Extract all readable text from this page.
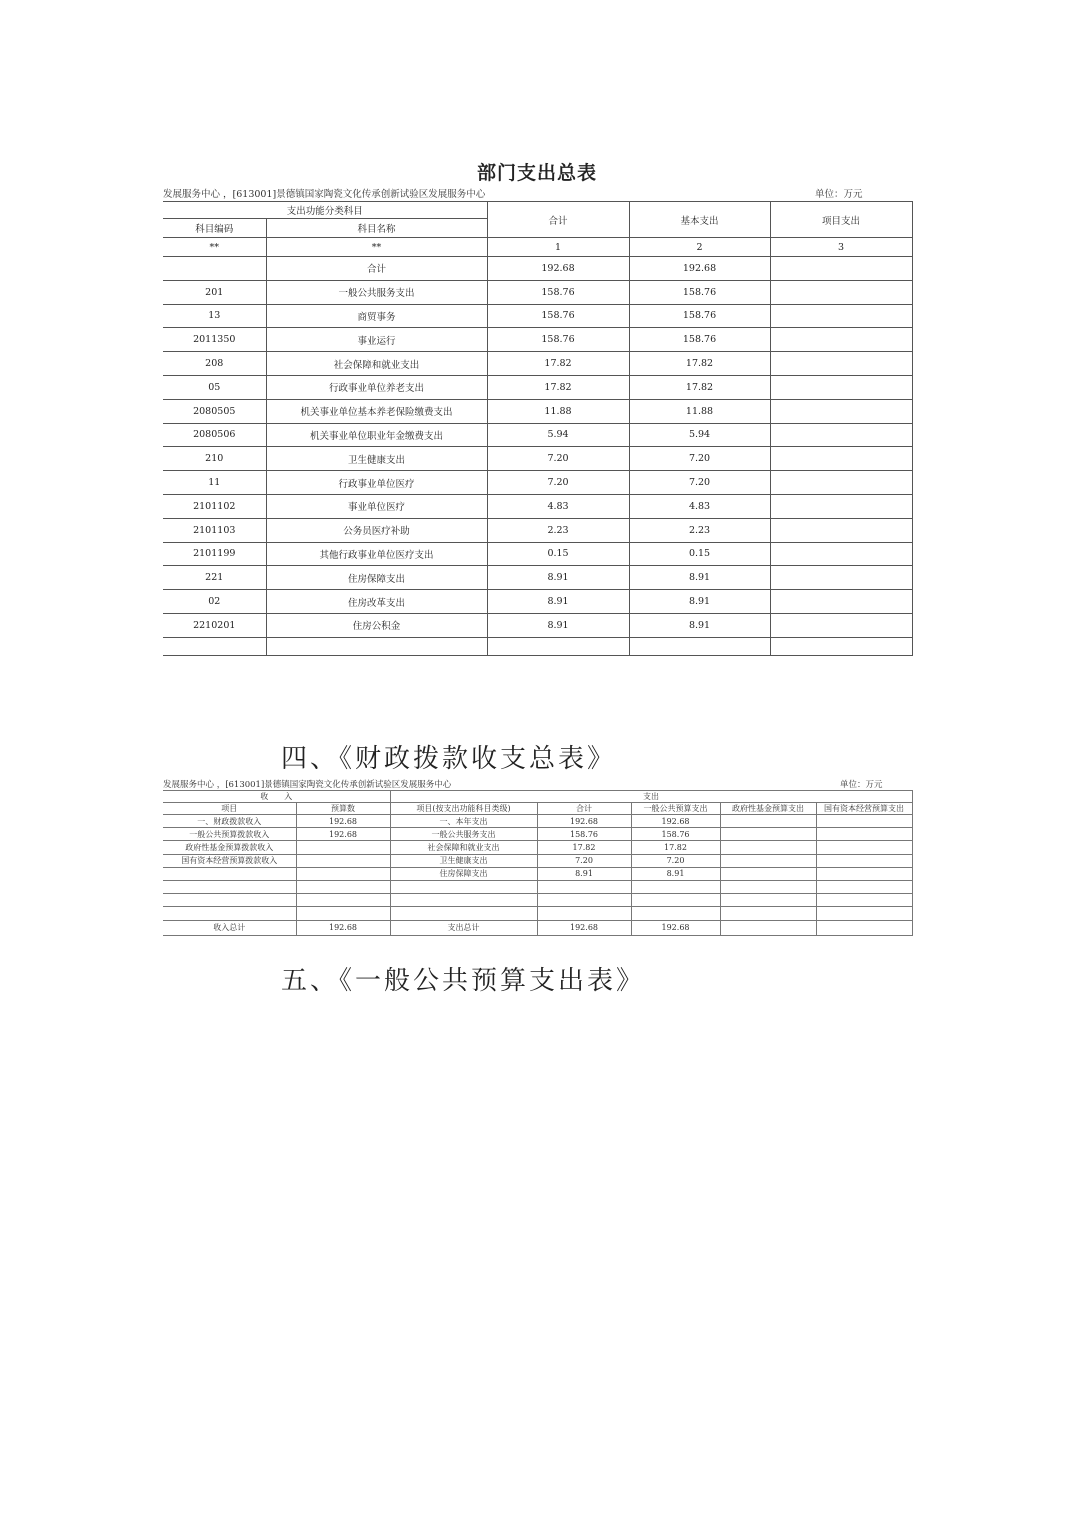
部门支出总表
发展服务中心 ，[613001]景德镇国家陶瓷文化传承创新试验区发展服务中心	单位：万元
支出功能分类科目		合计	基本支出	项目支出
科目编码	科目名称			
**	**	1	2	3
	合计	192.68	192.68	
201	一般公共服务支出	158.76	158.76	
13	商贸事务	158.76	158.76	
2011350	事业运行	158.76	158.76	
208	社会保障和就业支出	17.82	17.82	
05	行政事业单位养老支出	17.82	17.82	
2080505	机关事业单位基本养老保险缴费支出	11.88	11.88	
2080506	机关事业单位职业年金缴费支出	5.94	5.94	
210	卫生健康支出	7.20	7.20	
11	行政事业单位医疗	7.20	7.20	
2101102	事业单位医疗	4.83	4.83	
2101103	公务员医疗补助	2.23	2.23	
2101199	其他行政事业单位医疗支出	0.15	0.15	
221	住房保障支出	8.91	8.91	
02	住房改革支出	8.91	8.91	
2210201	住房公积金	8.91	8.91	

四、《财政拨款收支总表》
发展服务中心 ，[613001]景德镇国家陶瓷文化传承创新试验区发展服务中心	单位：万元
收　　入		支出				
项目	预算数	项目(按支出功能科目类级)	合计	一般公共预算支出	政府性基金预算支出	国有资本经营预算支出
一、财政拨款收入	192.68	一、本年支出	192.68	192.68		
一般公共预算拨款收入	192.68	一般公共服务支出	158.76	158.76		
政府性基金预算拨款收入		社会保障和就业支出	17.82	17.82		
国有资本经营预算拨款收入		卫生健康支出	7.20	7.20		
		住房保障支出	8.91	8.91		

收入总计	192.68	支出总计	192.68	192.68		
五、《一般公共预算支出表》
